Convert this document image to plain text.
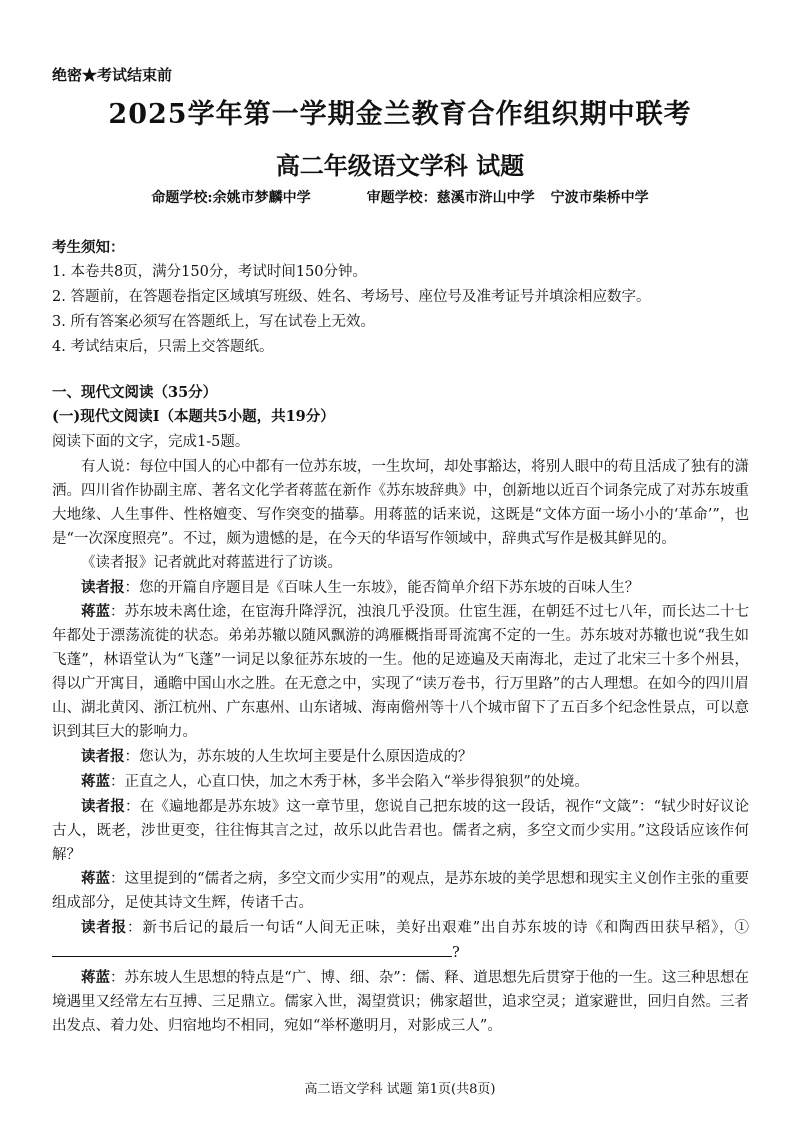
绝密★考试结束前
2025学年第一学期金兰教育合作组织期中联考
高二年级语文学科 试题
命题学校:余姚市梦麟中学	审题学校：慈溪市浒山中学 宁波市柴桥中学
考生须知：
1. 本卷共8页，满分150分，考试时间150分钟。
2. 答题前，在答题卷指定区域填写班级、姓名、考场号、座位号及准考证号并填涂相应数字。
3. 所有答案必须写在答题纸上，写在试卷上无效。
4. 考试结束后，只需上交答题纸。
一、现代文阅读（35分）
(一)现代文阅读Ⅰ（本题共5小题，共19分）
阅读下面的文字，完成1-5题。

有人说：每位中国人的心中都有一位苏东坡，一生坎坷，却处事豁达，将别人眼中的苟且活成了独有的潇洒。四川省作协副主席、著名文化学者蒋蓝在新作《苏东坡辞典》中，创新地以近百个词条完成了对苏东坡重大地缘、人生事件、性格嬗变、写作突变的描摹。用蒋蓝的话来说，这既是“文体方面一场小小的‘革命’”，也是“一次深度照亮”。不过，颇为遗憾的是，在今天的华语写作领域中，辞典式写作是极其鲜见的。

《读者报》记者就此对蒋蓝进行了访谈。

读者报：您的开篇自序题目是《百味人生一东坡》，能否简单介绍下苏东坡的百味人生？

蒋蓝：苏东坡未离仕途，在宦海升降浮沉，浊浪几乎没顶。仕宦生涯，在朝廷不过七八年，而长达二十七年都处于漂荡流徙的状态。弟弟苏辙以随风飘游的鸿雁概指哥哥流寓不定的一生。苏东坡对苏辙也说“我生如飞蓬”，林语堂认为“飞蓬”一词足以象征苏东坡的一生。他的足迹遍及天南海北，走过了北宋三十多个州县，得以广开寓目，通瞻中国山水之胜。在无意之中，实现了“读万卷书，行万里路”的古人理想。在如今的四川眉山、湖北黄冈、浙江杭州、广东惠州、山东诸城、海南儋州等十八个城市留下了五百多个纪念性景点，可以意识到其巨大的影响力。

读者报：您认为，苏东坡的人生坎坷主要是什么原因造成的？

蒋蓝：正直之人，心直口快，加之木秀于林，多半会陷入“举步得狼狈”的处境。

读者报：在《遍地都是苏东坡》这一章节里，您说自己把东坡的这一段话，视作“文箴”：“轼少时好议论古人，既老，涉世更变，往往悔其言之过，故乐以此告君也。儒者之病，多空文而少实用。”这段话应该作何解？

蒋蓝：这里提到的“儒者之病，多空文而少实用”的观点，是苏东坡的美学思想和现实主义创作主张的重要组成部分，足使其诗文生辉，传诸千古。

读者报：新书后记的最后一句话“人间无正味，美好出艰难”出自苏东坡的诗《和陶西田获早稻》，①?

蒋蓝：苏东坡人生思想的特点是“广、博、细、杂”：儒、释、道思想先后贯穿于他的一生。这三种思想在境遇里又经常左右互搏、三足鼎立。儒家入世，渴望赏识；佛家超世，追求空灵；道家避世，回归自然。三者出发点、着力处、归宿地均不相同，宛如“举杯邀明月，对影成三人”。

高二语文学科 试题 第1页(共8页)
